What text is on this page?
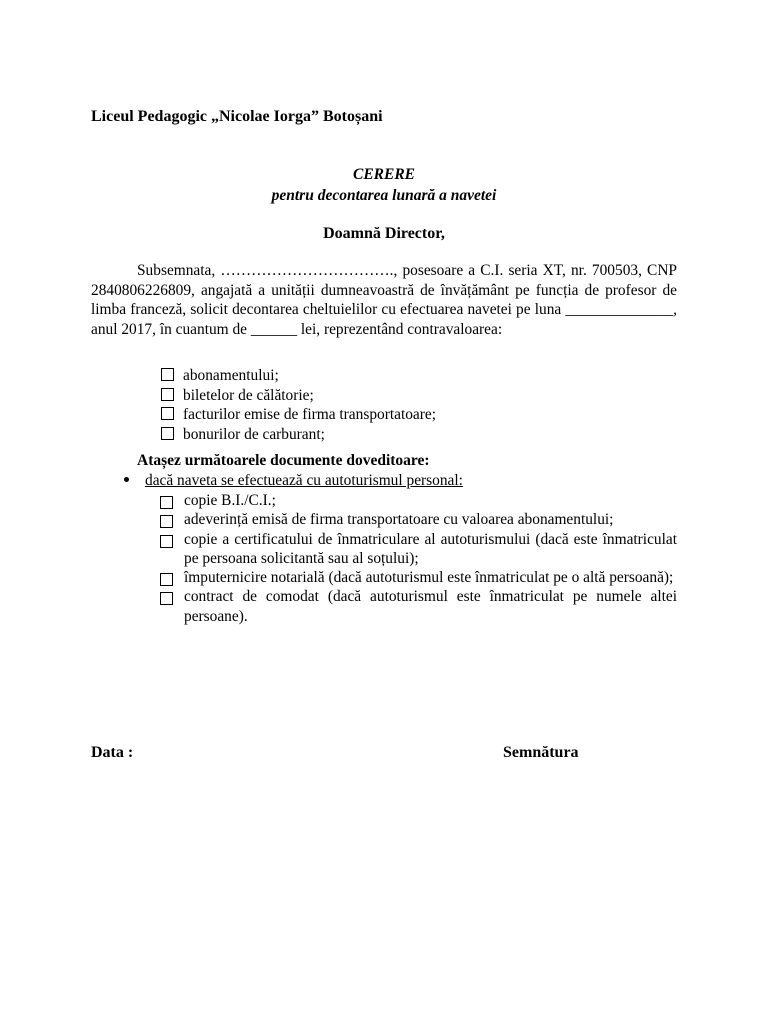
Liceul Pedagogic „Nicolae Iorga” Botoșani
CERERE
pentru decontarea lunară a navetei
Doamnă Director,

Subsemnata, ……………………………., posesoare a C.I. seria XT, nr. 700503, CNP 2840806226809, angajată a unității dumneavoastră de învățământ pe funcția de profesor de limba franceză, solicit decontarea cheltuielilor cu efectuarea navetei pe luna ______________, anul 2017, în cuantum de ______ lei, reprezentând contravaloarea:

abonamentului;
biletelor de călătorie;
facturilor emise de firma transportatoare;
bonurilor de carburant;
Atașez următoarele documente doveditoare:
dacă naveta se efectuează cu autoturismul personal:
copie B.I./C.I.;
adeverință emisă de firma transportatoare cu valoarea abonamentului;
copie a certificatului de înmatriculare al autoturismului (dacă este înmatriculat pe persoana solicitantă sau al soțului);
împuternicire notarială (dacă autoturismul este înmatriculat pe o altă persoană);
contract de comodat (dacă autoturismul este înmatriculat pe numele altei persoane).
Data :	Semnătura
